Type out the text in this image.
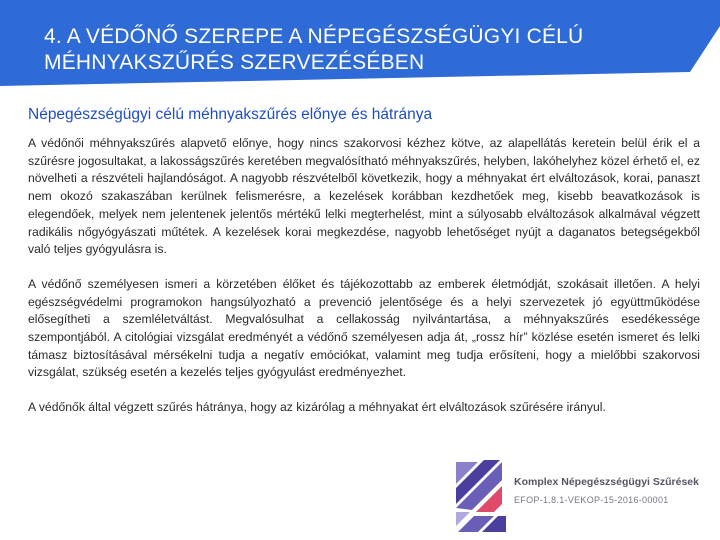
4. A VÉDŐNŐ SZEREPE A NÉPEGÉSZSÉGÜGYI CÉLÚ MÉHNYAKSZŰRÉS SZERVEZÉSÉBEN
Népegészségügyi célú méhnyakszűrés előnye és hátránya

A védőnői méhnyakszűrés alapvető előnye, hogy nincs szakorvosi kézhez kötve, az alapellátás keretein belül érik el a szűrésre jogosultakat, a lakosságszűrés keretében megvalósítható méhnyakszűrés, helyben, lakóhelyhez közel érhető el, ez növelheti a részvételi hajlandóságot. A nagyobb részvételből következik, hogy a méhnyakat ért elváltozások, korai, panaszt nem okozó szakaszában kerülnek felismerésre, a kezelések korábban kezdhetőek meg, kisebb beavatkozások is elegendőek, melyek nem jelentenek jelentős mértékű lelki megterhelést, mint a súlyosabb elváltozások alkalmával végzett radikális nőgyógyászati műtétek. A kezelések korai megkezdése, nagyobb lehetőséget nyújt a daganatos betegségekből való teljes gyógyulásra is.

A védőnő személyesen ismeri a körzetében élőket és tájékozottabb az emberek életmódját, szokásait illetően. A helyi egészségvédelmi programokon hangsúlyozható a prevenció jelentősége és a helyi szervezetek jó együttműködése elősegítheti a szemléletváltást. Megvalósulhat a cellakosság nyilvántartása, a méhnyakszűrés esedékessége szempontjából. A citológiai vizsgálat eredményét a védőnő személyesen adja át, „rossz hír” közlése esetén ismeret és lelki támasz biztosításával mérsékelni tudja a negatív emóciókat, valamint meg tudja erősíteni, hogy a mielőbbi szakorvosi vizsgálat, szükség esetén a kezelés teljes gyógyulást eredményezhet.

A védőnők által végzett szűrés hátránya, hogy az kizárólag a méhnyakat ért elváltozások szűrésére irányul.

Komplex Népegészségügyi Szűrések
EFOP-1.8.1-VEKOP-15-2016-00001
